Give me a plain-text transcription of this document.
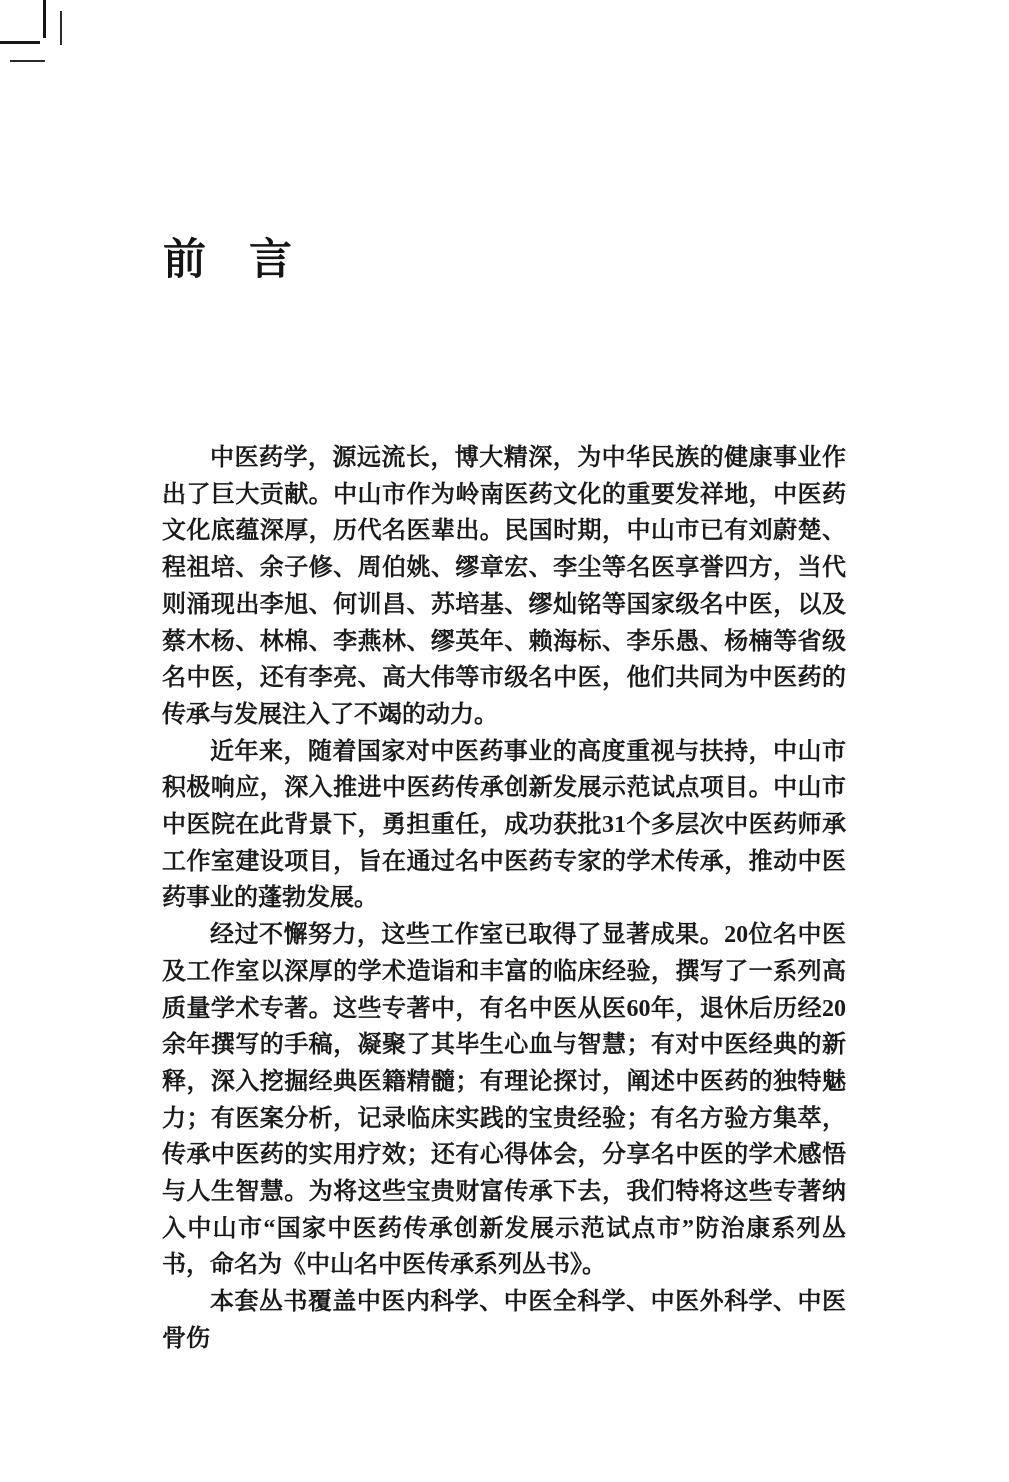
前　言

中医药学，源远流长，博大精深，为中华民族的健康事业作出了巨大贡献。中山市作为岭南医药文化的重要发祥地，中医药文化底蕴深厚，历代名医辈出。民国时期，中山市已有刘蔚楚、程祖培、余子修、周伯姚、缪章宏、李尘等名医享誉四方，当代则涌现出李旭、何训昌、苏培基、缪灿铭等国家级名中医，以及蔡木杨、林棉、李燕林、缪英年、赖海标、李乐愚、杨楠等省级名中医，还有李亮、高大伟等市级名中医，他们共同为中医药的传承与发展注入了不竭的动力。

近年来，随着国家对中医药事业的高度重视与扶持，中山市积极响应，深入推进中医药传承创新发展示范试点项目。中山市中医院在此背景下，勇担重任，成功获批31个多层次中医药师承工作室建设项目，旨在通过名中医药专家的学术传承，推动中医药事业的蓬勃发展。

经过不懈努力，这些工作室已取得了显著成果。20位名中医及工作室以深厚的学术造诣和丰富的临床经验，撰写了一系列高质量学术专著。这些专著中，有名中医从医60年，退休后历经20余年撰写的手稿，凝聚了其毕生心血与智慧；有对中医经典的新释，深入挖掘经典医籍精髓；有理论探讨，阐述中医药的独特魅力；有医案分析，记录临床实践的宝贵经验；有名方验方集萃，传承中医药的实用疗效；还有心得体会，分享名中医的学术感悟与人生智慧。为将这些宝贵财富传承下去，我们特将这些专著纳入中山市“国家中医药传承创新发展示范试点市”防治康系列丛书，命名为《中山名中医传承系列丛书》。

本套丛书覆盖中医内科学、中医全科学、中医外科学、中医骨伤
